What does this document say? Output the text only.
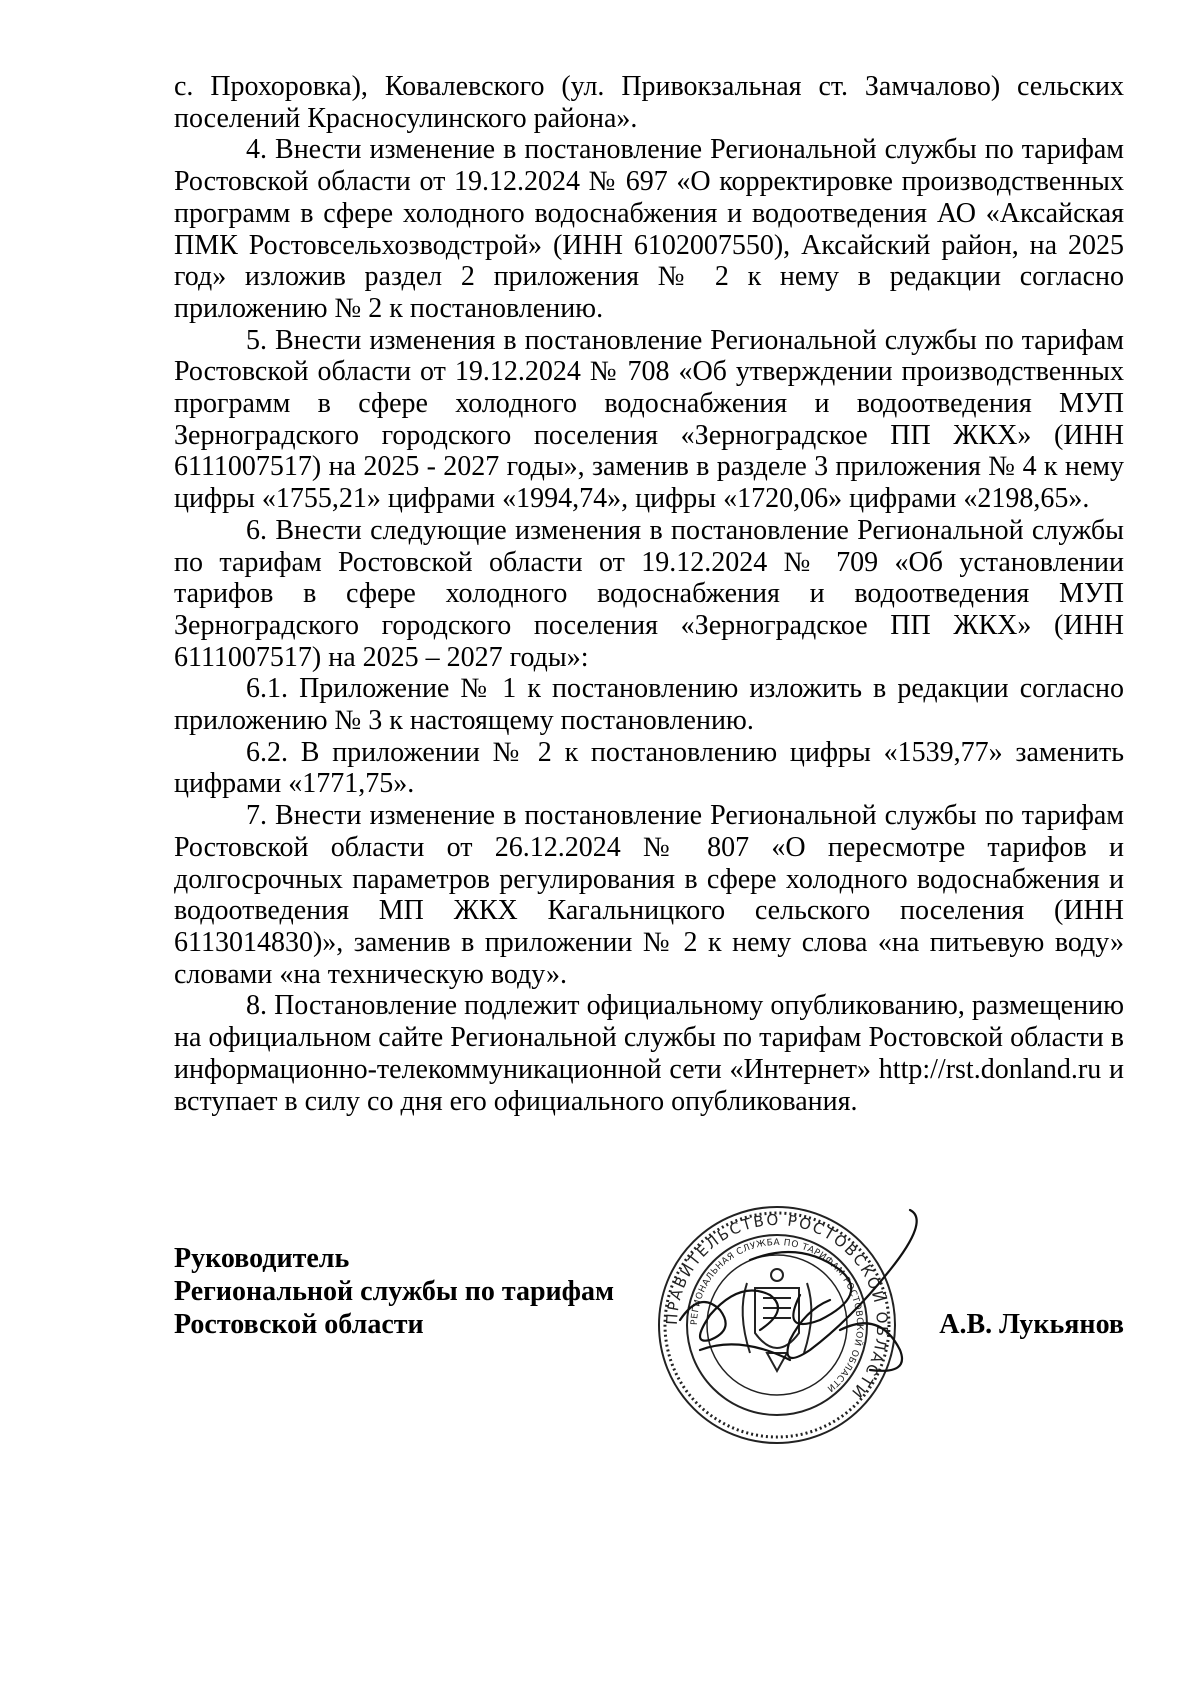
с. Прохоровка), Ковалевского (ул. Привокзальная ст. Замчалово) сельских поселений Красносулинского района».

4. Внести изменение в постановление Региональной службы по тарифам Ростовской области от 19.12.2024 № 697 «О корректировке производственных программ в сфере холодного водоснабжения и водоотведения АО «Аксайская ПМК Ростовсельхозводстрой» (ИНН 6102007550), Аксайский район, на 2025 год» изложив раздел 2 приложения № 2 к нему в редакции согласно приложению № 2 к постановлению.

5. Внести изменения в постановление Региональной службы по тарифам Ростовской области от 19.12.2024 № 708 «Об утверждении производственных программ в сфере холодного водоснабжения и водоотведения МУП Зерноградского городского поселения «Зерноградское ПП ЖКХ» (ИНН 6111007517) на 2025 - 2027 годы», заменив в разделе 3 приложения № 4 к нему цифры «1755,21» цифрами «1994,74», цифры «1720,06» цифрами «2198,65».

6. Внести следующие изменения в постановление Региональной службы по тарифам Ростовской области от 19.12.2024 № 709 «Об установлении тарифов в сфере холодного водоснабжения и водоотведения МУП Зерноградского городского поселения «Зерноградское ПП ЖКХ» (ИНН 6111007517) на 2025 – 2027 годы»:

6.1. Приложение № 1 к постановлению изложить в редакции согласно приложению № 3 к настоящему постановлению.

6.2. В приложении № 2 к постановлению цифры «1539,77» заменить цифрами «1771,75».

7. Внести изменение в постановление Региональной службы по тарифам Ростовской области от 26.12.2024 № 807 «О пересмотре тарифов и долгосрочных параметров регулирования в сфере холодного водоснабжения и водоотведения МП ЖКХ Кагальницкого сельского поселения (ИНН 6113014830)», заменив в приложении № 2 к нему слова «на питьевую воду» словами «на техническую воду».

8. Постановление подлежит официальному опубликованию, размещению на официальном сайте Региональной службы по тарифам Ростовской области в информационно-телекоммуникационной сети «Интернет» http://rst.donland.ru и вступает в силу со дня его официального опубликования.

Руководитель
Региональной службы по тарифам
Ростовской области	ПРАВИТЕЛЬСТВО РОСТОВСКОЙ ОБЛАСТИ
РЕГИОНАЛЬНАЯ СЛУЖБА ПО ТАРИФАМ РОСТОВСКОЙ ОБЛАСТИ
А.В. Лукьянов
